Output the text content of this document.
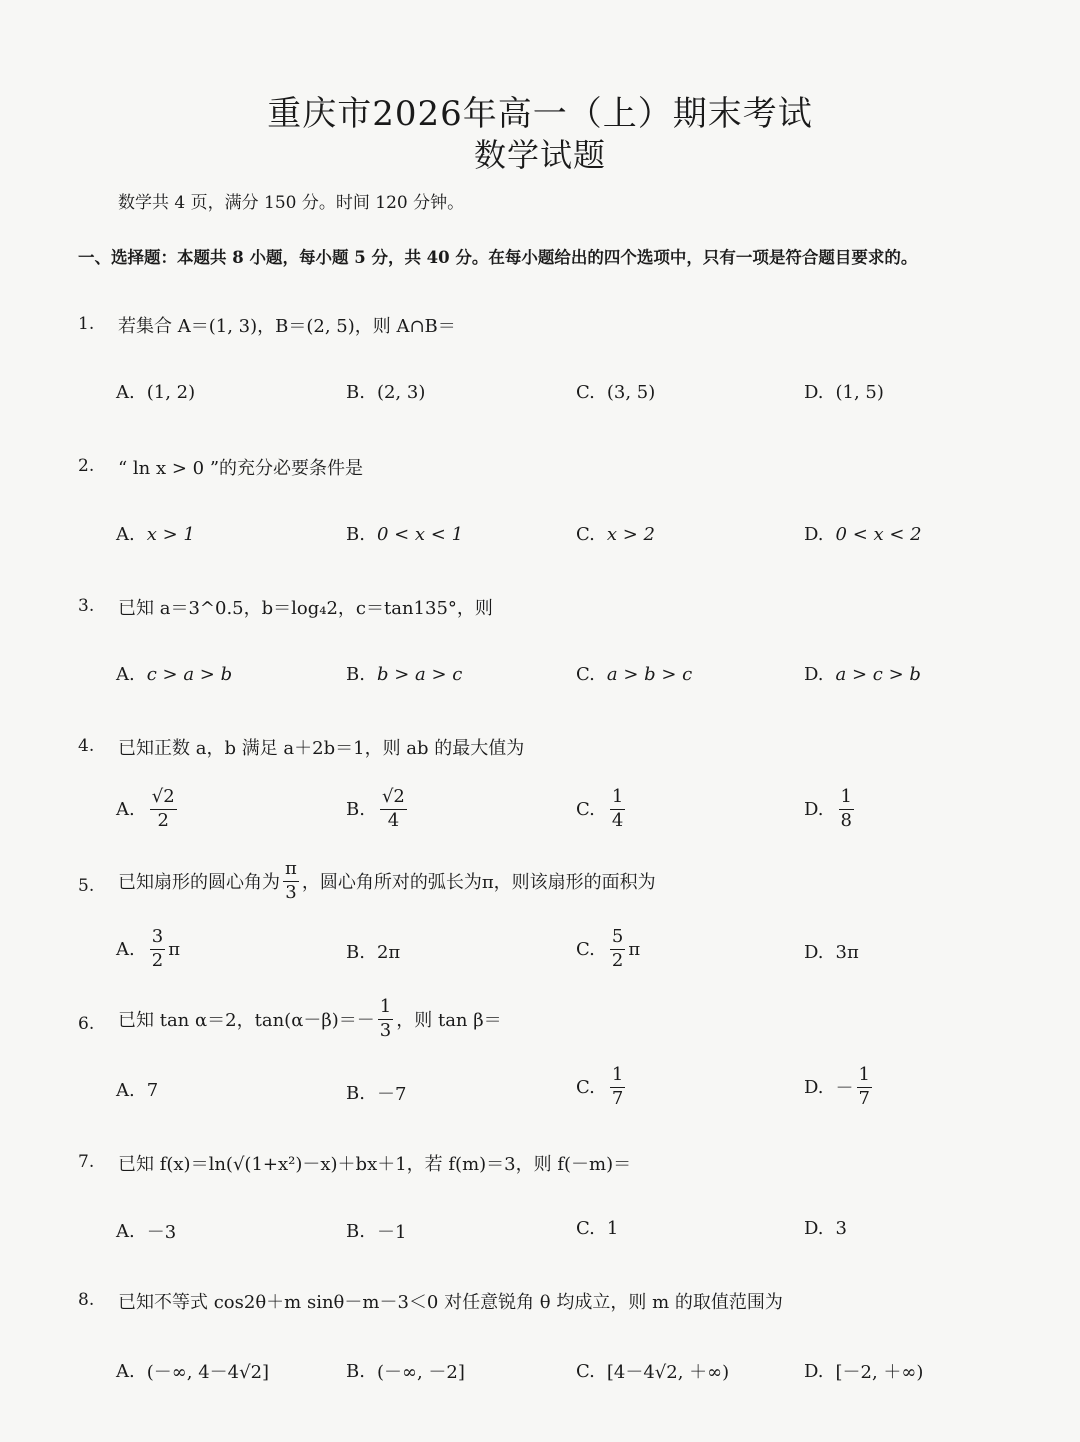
重庆市2026年高一（上）期末考试
数学试题
数学共 4 页，满分 150 分。时间 120 分钟。
一、选择题：本题共 8 小题，每小题 5 分，共 40 分。在每小题给出的四个选项中，只有一项是符合题目要求的。
1. 若集合 A＝(1, 3)，B＝(2, 5)，则 A∩B＝
A. (1, 2)	B. (2, 3)	C. (3, 5)	D. (1, 5)
2. “ ln x > 0 ”的充分必要条件是
A. x > 1	B. 0 < x < 1	C. x > 2	D. 0 < x < 2
3. 已知 a＝3^0.5，b＝log₄2，c＝tan135°，则
A. c > a > b	B. b > a > c	C. a > b > c	D. a > c > b
4. 已知正数 a，b 满足 a＋2b＝1，则 ab 的最大值为
A. $\frac{√2}{2}$	B. $\frac{√2}{4}$	C. $\frac{1}{4}$	D. $\frac{1}{8}$
5. 已知扇形的圆心角为 $\frac{\pi}{3}$ ，圆心角所对的弧长为π，则该扇形的面积为
A. $\frac{3}{2}$ π	B. 2π	C. $\frac{5}{2}$ π	D. 3π
6. 已知 tan α＝2，$\tan(\alpha-\beta)=- \frac{1}{3}$ ，则 tan β＝
A. 7	B. －7	C. $\frac{1}{7}$	D. － $\frac{1}{7}$
7. 已知 f(x)＝ln(√(1+x²)－x)＋bx＋1，若 f(m)＝3，则 f(－m)＝
A. －3	B. －1	C. 1	D. 3
8. 已知不等式 cos2θ＋m sinθ－m－3＜0 对任意锐角 θ 均成立，则 m 的取值范围为
A. (－∞, 4－4√2]	B. (－∞, －2]	C. [4－4√2, ＋∞)	D. [－2, ＋∞)
